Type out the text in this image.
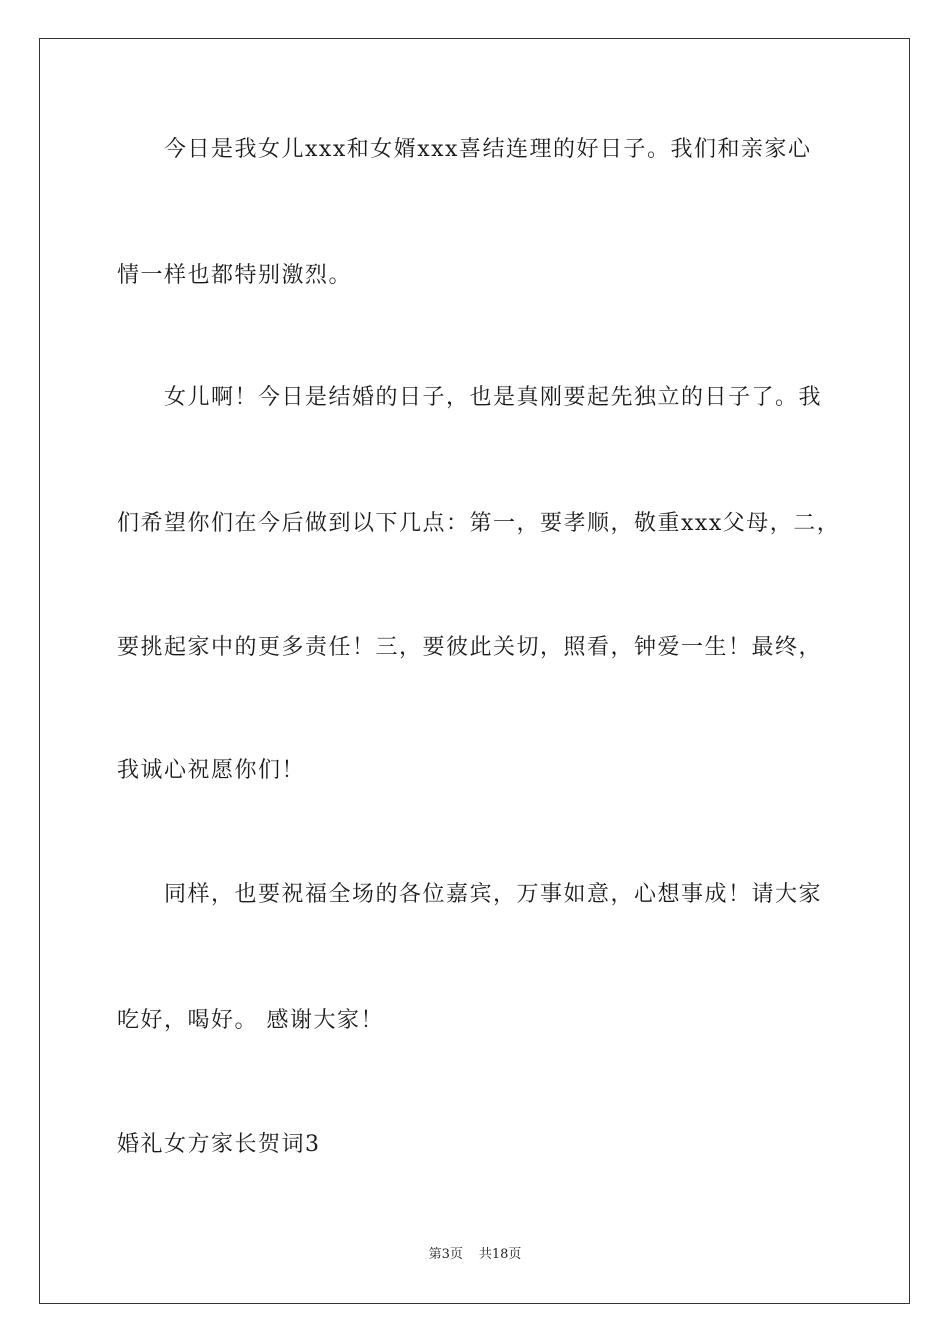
　　今日是我女儿xxx和女婿xxx喜结连理的好日子。我们和亲家心
情一样也都特别激烈。
　　女儿啊！今日是结婚的日子，也是真刚要起先独立的日子了。我
们希望你们在今后做到以下几点：第一，要孝顺，敬重xxx父母，二，
要挑起家中的更多责任！三，要彼此关切，照看，钟爱一生！最终，
我诚心祝愿你们！
　　同样，也要祝福全场的各位嘉宾，万事如意，心想事成！请大家
吃好，喝好。 感谢大家！
婚礼女方家长贺词3
第3页 共18页
